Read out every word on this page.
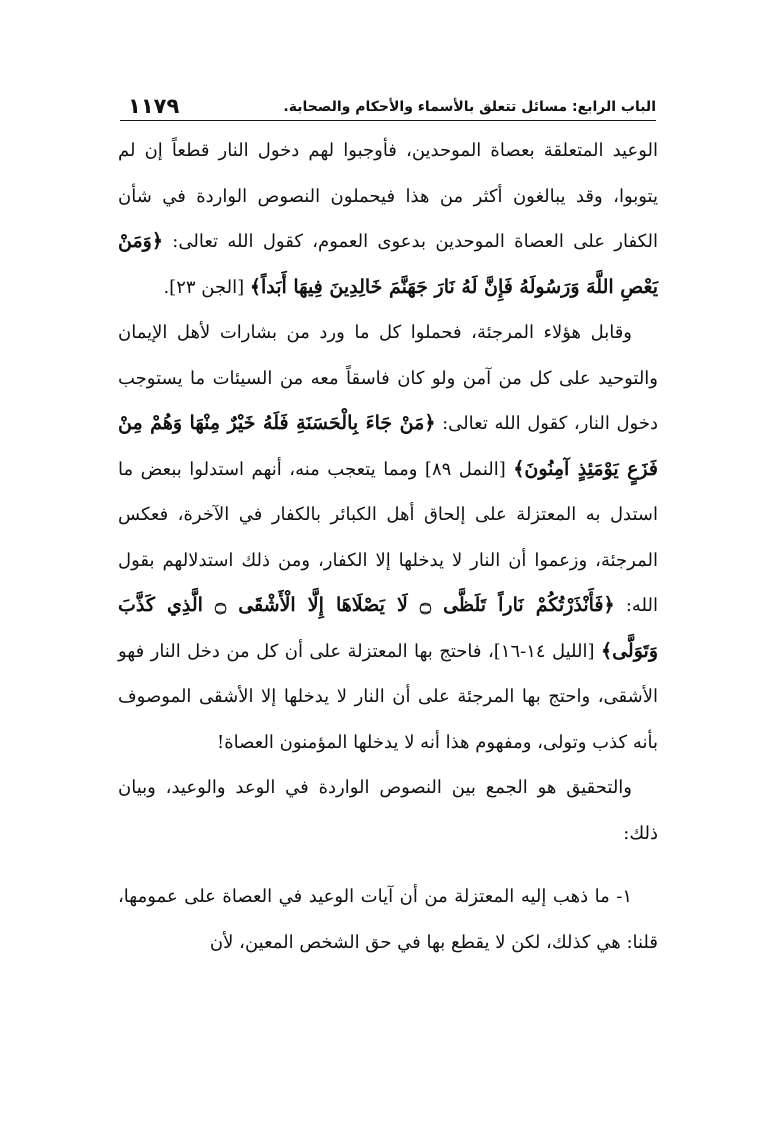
١١٧٩	الباب الرابع: مسائل تتعلق بالأسماء والأحكام والصحابة.

الوعيد المتعلقة بعصاة الموحدين، فأوجبوا لهم دخول النار قطعاً إن لم يتوبوا، وقد يبالغون أكثر من هذا فيحملون النصوص الواردة في شأن الكفار على العصاة الموحدين بدعوى العموم، كقول الله تعالى: ﴿وَمَنْ يَعْصِ اللَّهَ وَرَسُولَهُ فَإِنَّ لَهُ نَارَ جَهَنَّمَ خَالِدِينَ فِيهَا أَبَداً﴾ [الجن ٢٣].

وقابل هؤلاء المرجئة، فحملوا كل ما ورد من بشارات لأهل الإيمان والتوحيد على كل من آمن ولو كان فاسقاً معه من السيئات ما يستوجب دخول النار، كقول الله تعالى: ﴿مَنْ جَاءَ بِالْحَسَنَةِ فَلَهُ خَيْرٌ مِنْهَا وَهُمْ مِنْ فَزَعٍ يَوْمَئِذٍ آمِنُونَ﴾ [النمل ٨٩] ومما يتعجب منه، أنهم استدلوا ببعض ما استدل به المعتزلة على إلحاق أهل الكبائر بالكفار في الآخرة، فعكس المرجئة، وزعموا أن النار لا يدخلها إلا الكفار، ومن ذلك استدلالهم بقول الله: ﴿فَأَنْذَرْتُكُمْ نَاراً تَلَظَّى ۝ لَا يَصْلَاهَا إِلَّا الْأَشْقَى ۝ الَّذِي كَذَّبَ وَتَوَلَّى﴾ [الليل ١٤-١٦]، فاحتج بها المعتزلة على أن كل من دخل النار فهو الأشقى، واحتج بها المرجئة على أن النار لا يدخلها إلا الأشقى الموصوف بأنه كذب وتولى، ومفهوم هذا أنه لا يدخلها المؤمنون العصاة!

والتحقيق هو الجمع بين النصوص الواردة في الوعد والوعيد، وبيان ذلك:

١- ما ذهب إليه المعتزلة من أن آيات الوعيد في العصاة على عمومها، قلنا: هي كذلك، لكن لا يقطع بها في حق الشخص المعين، لأن
